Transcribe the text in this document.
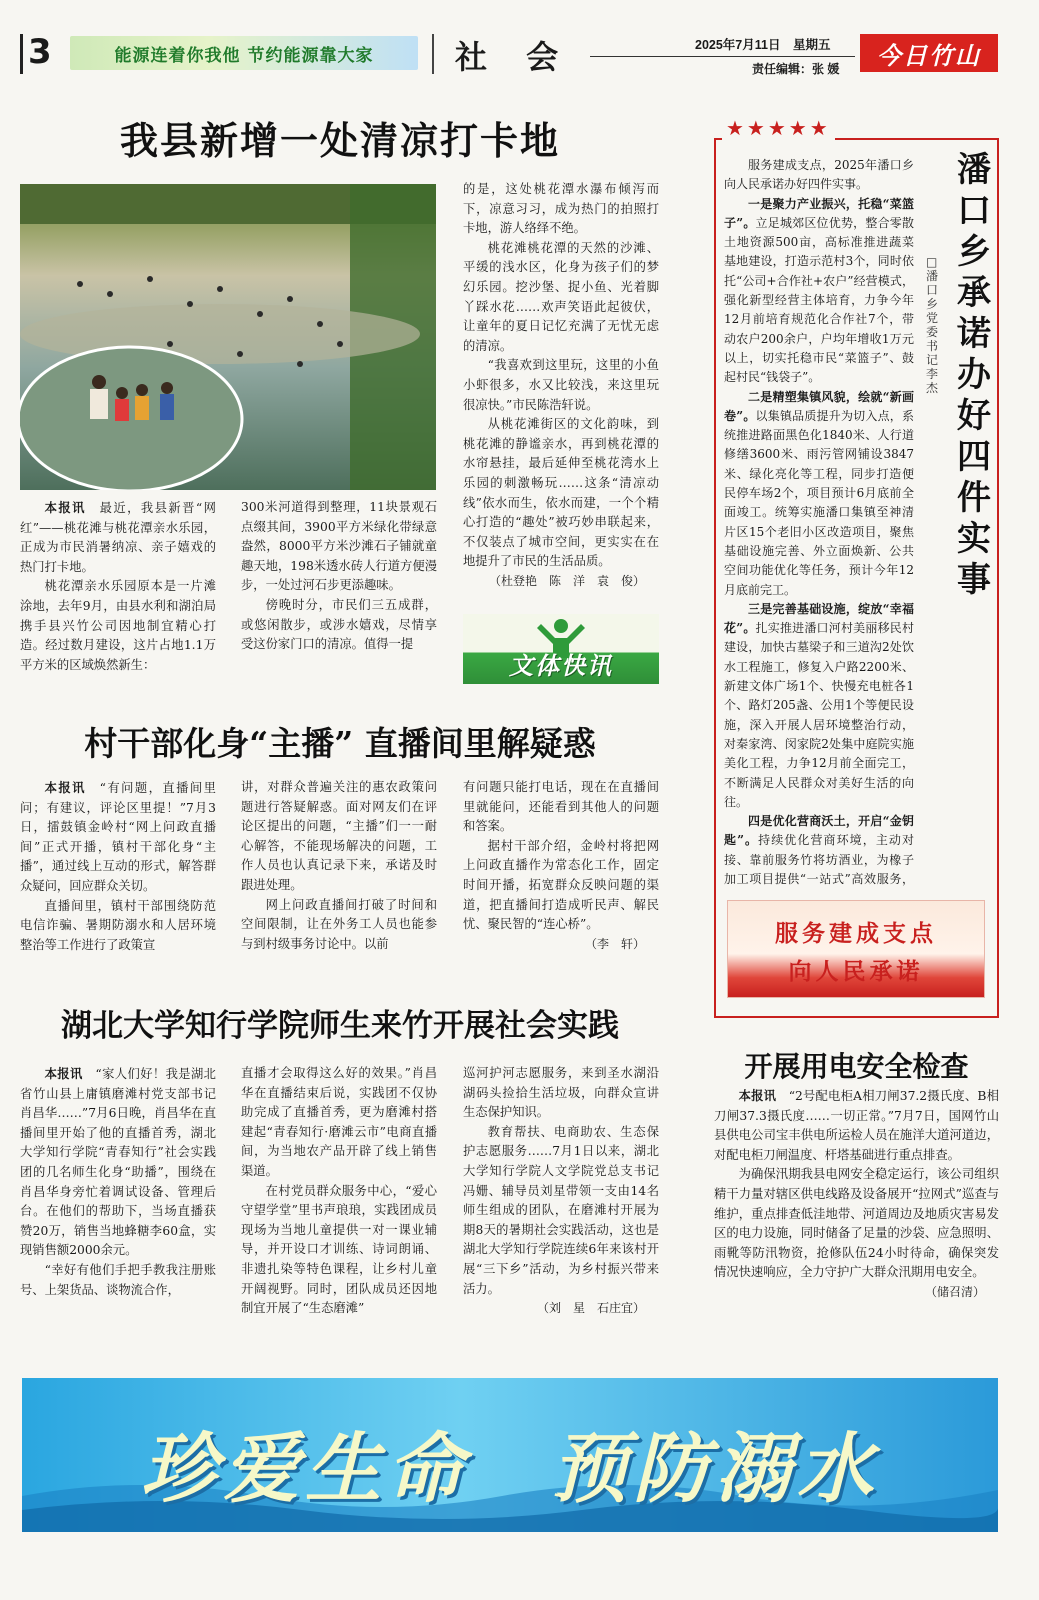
3	能源连着你我他 节约能源靠大家	社 会	2025年7月11日　星期五
责任编辑：张 媛 今日竹山
我县新增一处清凉打卡地

本报讯　 最近，我县新晋“网红”——桃花滩与桃花潭亲水乐园，正成为市民消暑纳凉、亲子嬉戏的热门打卡地。

桃花潭亲水乐园原本是一片滩涂地，去年9月，由县水利和湖泊局携手县兴竹公司因地制宜精心打造。经过数月建设，这片占地1.1万平方米的区域焕然新生：

300米河道得到整理，11块景观石点缀其间，3900平方米绿化带绿意盎然，8000平方米沙滩石子铺就童趣天地，198米透水砖人行道方便漫步，一处过河石步更添趣味。

傍晚时分，市民们三五成群，或悠闲散步，或涉水嬉戏，尽情享受这份家门口的清凉。值得一提

的是，这处桃花潭水瀑布倾泻而下，凉意习习，成为热门的拍照打卡地，游人络绎不绝。

桃花滩桃花潭的天然的沙滩、平缓的浅水区，化身为孩子们的梦幻乐园。挖沙堡、捉小鱼、光着脚丫踩水花……欢声笑语此起彼伏，让童年的夏日记忆充满了无忧无虑的清凉。

“我喜欢到这里玩，这里的小鱼小虾很多，水又比较浅，来这里玩很凉快。”市民陈浩轩说。

从桃花滩街区的文化韵味，到桃花滩的静谧亲水，再到桃花潭的水帘悬挂，最后延伸至桃花湾水上乐园的刺激畅玩……这条“清凉动线”依水而生，依水而建，一个个精心打造的“趣处”被巧妙串联起来，不仅装点了城市空间，更实实在在地提升了市民的生活品质。

（杜登艳　陈　洋　袁　俊）
文体快讯
村干部化身“主播” 直播间里解疑惑

本报讯　 “有问题，直播间里问；有建议，评论区里提！”7月3日，擂鼓镇金岭村“网上问政直播间”正式开播，镇村干部化身“主播”，通过线上互动的形式，解答群众疑问，回应群众关切。

直播间里，镇村干部围绕防范电信诈骗、暑期防溺水和人居环境整治等工作进行了政策宣

讲，对群众普遍关注的惠农政策问题进行答疑解惑。面对网友们在评论区提出的问题，“主播”们一一耐心解答，不能现场解决的问题，工作人员也认真记录下来，承诺及时跟进处理。

网上问政直播间打破了时间和空间限制，让在外务工人员也能参与到村级事务讨论中。以前

有问题只能打电话，现在在直播间里就能问，还能看到其他人的问题和答案。

据村干部介绍，金岭村将把网上问政直播作为常态化工作，固定时间开播，拓宽群众反映问题的渠道，把直播间打造成听民声、解民忧、聚民智的“连心桥”。

（李　轩）
湖北大学知行学院师生来竹开展社会实践

本报讯　 “家人们好！我是湖北省竹山县上庸镇磨滩村党支部书记肖昌华……”7月6日晚，肖昌华在直播间里开始了他的直播首秀，湖北大学知行学院“青春知行”社会实践团的几名师生化身“助播”，围绕在肖昌华身旁忙着调试设备、管理后台。在他们的帮助下，当场直播获赞20万，销售当地蜂糖李60盒，实现销售额2000余元。

“幸好有他们手把手教我注册账号、上架货品、谈物流合作，

直播才会取得这么好的效果。”肖昌华在直播结束后说，实践团不仅协助完成了直播首秀，更为磨滩村搭建起“青春知行·磨滩云市”电商直播间，为当地农产品开辟了线上销售渠道。

在村党员群众服务中心，“爱心守望学堂”里书声琅琅，实践团成员现场为当地儿童提供一对一课业辅导，并开设口才训练、诗词朗诵、非遗扎染等特色课程，让乡村儿童开阔视野。同时，团队成员还因地制宜开展了“生态磨滩”

巡河护河志愿服务，来到圣水湖沿湖码头捡拾生活垃圾，向群众宣讲生态保护知识。

教育帮扶、电商助农、生态保护志愿服务……7月1日以来，湖北大学知行学院人文学院党总支书记冯姗、辅导员刘星带领一支由14名师生组成的团队，在磨滩村开展为期8天的暑期社会实践活动，这也是湖北大学知行学院连续6年来该村开展“三下乡”活动，为乡村振兴带来活力。

（刘　星　石庄宜）
★★★★★
潘口乡承诺办好四件实事
□ 潘口乡党委书记　李杰

服务建成支点，2025年潘口乡向人民承诺办好四件实事。

一是聚力产业振兴，托稳“菜篮子”。立足城郊区位优势，整合零散土地资源500亩，高标准推进蔬菜基地建设，打造示范村3个，同时依托“公司+合作社+农户”经营模式，强化新型经营主体培育，力争今年12月前培育规范化合作社7个，带动农户200余户，户均年增收1万元以上，切实托稳市民“菜篮子”、鼓起村民“钱袋子”。

二是精塑集镇风貌，绘就“新画卷”。以集镇品质提升为切入点，系统推进路面黑色化1840米、人行道修缮3600米、雨污管网铺设3847米、绿化亮化等工程，同步打造便民停车场2个，项目预计6月底前全面竣工。统筹实施潘口集镇至神清片区15个老旧小区改造项目，聚焦基础设施完善、外立面焕新、公共空间功能优化等任务，预计今年12月底前完工。

三是完善基础设施，绽放“幸福花”。扎实推进潘口河村美丽移民村建设，加快古墓梁子和三道沟2处饮水工程施工，修复入户路2200米、新建文体广场1个、快慢充电桩各1个、路灯205盏、公用1个等便民设施，深入开展人居环境整治行动，对秦家湾、闵家院2处集中庭院实施美化工程，力争12月前全面完工，不断满足人民群众对美好生活的向往。

四是优化营商沃土，开启“金钥匙”。持续优化营商环境，主动对接、靠前服务竹将坊酒业，为橡子加工项目提供“一站式”高效服务，

服务建成支点
向人民承诺
开展用电安全检查

本报讯　 “2号配电柜A相刀闸37.2摄氏度、B相刀闸37.3摄氏度……一切正常。”7月7日，国网竹山县供电公司宝丰供电所运检人员在施洋大道河道边，对配电柜刀闸温度、杆塔基础进行重点排查。

为确保汛期我县电网安全稳定运行，该公司组织精干力量对辖区供电线路及设备展开“拉网式”巡查与维护，重点排查低洼地带、河道周边及地质灾害易发区的电力设施，同时储备了足量的沙袋、应急照明、雨靴等防汛物资，抢修队伍24小时待命，确保突发情况快速响应，全力守护广大群众汛期用电安全。

（储召清）
珍爱生命　预防溺水
